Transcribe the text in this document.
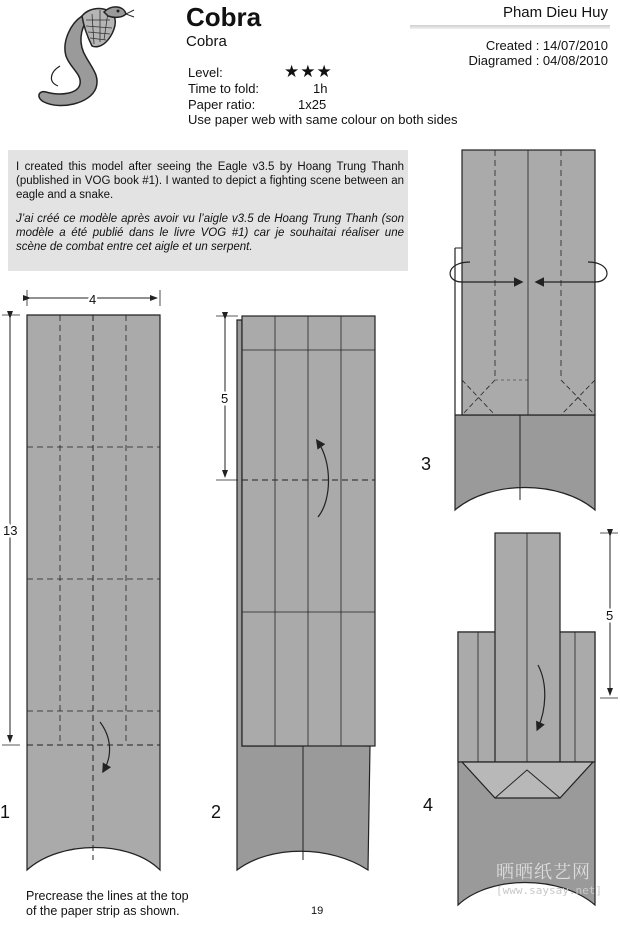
Cobra
Cobra
Pham Dieu Huy
Created : 14/07/2010
Diagramed : 04/08/2010
Level:	★★★
Time to fold:	1h
Paper ratio:	1x25
Use paper web with same colour on both sides

I created this model after seeing the Eagle v3.5 by Hoang Trung Thanh (published in VOG book #1). I wanted to depict a fighting scene between an eagle and a snake.

J’ai créé ce modèle après avoir vu l’aigle v3.5 de Hoang Trung Thanh (son modèle a été publié dans le livre VOG #1) car je souhaitai réaliser une scène de combat entre cet aigle et un serpent.

4
13
1
5
2
3
5
4
Precrease the lines at the top
of the paper strip as shown.	19
晒晒纸艺网
[www.saysay.net]
